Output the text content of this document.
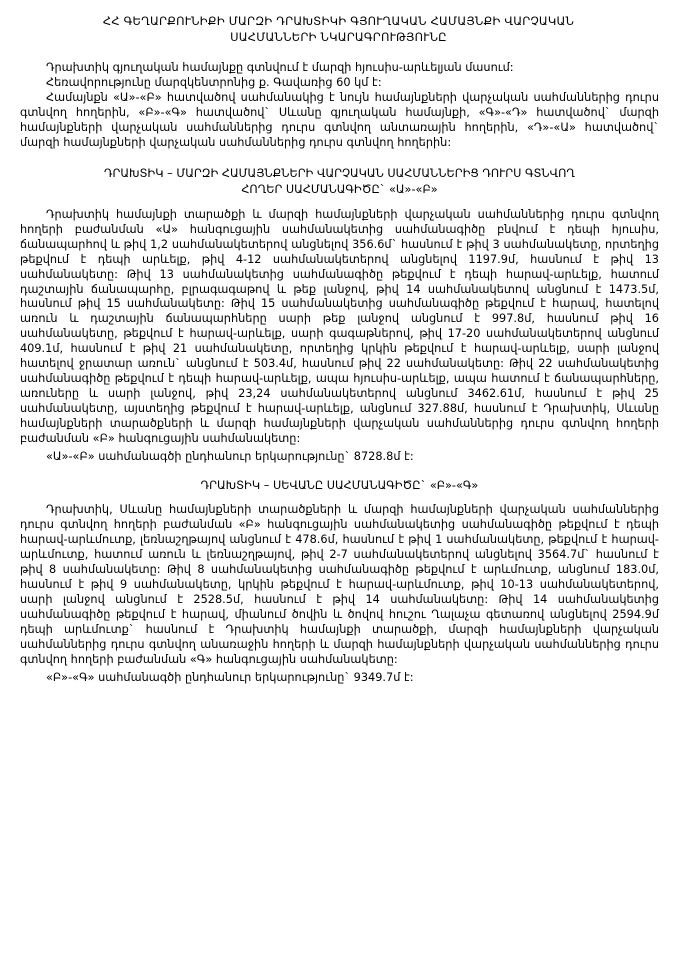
ՀՀ ԳԵՂԱՐՔՈՒՆԻՔԻ ՄԱՐԶԻ ԴՐԱԽՏԻԿԻ ԳՅՈՒՂԱԿԱՆ ՀԱՄԱՅՆՔԻ ՎԱՐՉԱԿԱՆ
ՍԱՀՄԱՆՆԵՐԻ ՆԿԱՐԱԳՐՈՒԹՅՈՒՆԸ

Դրախտիկ գյուղական համայնքը գտնվում է մարզի հյուսիս-արևելյան մասում:

Հեռավորությունը մարզկենտրոնից ք. Գավառից 60 կմ է:

Համայնքն «Ա»-«Բ» հատվածով սահմանակից է նույն համայնքների վարչական սահմաններից դուրս գտնվող հողերին, «Բ»-«Գ» հատվածով` Սևանը գյուղական համայնքի, «Գ»-«Դ» հատվածով` մարզի համայնքների վարչական սահմաններից դուրս գտնվող անտառային հողերին, «Դ»-«Ա» հատվածով` մարզի համայնքների վարչական սահմաններից դուրս գտնվող հողերին:

ԴՐԱԽՏԻԿ – ՄԱՐԶԻ ՀԱՄԱՅՆՔՆԵՐԻ ՎԱՐՉԱԿԱՆ ՍԱՀՄԱՆՆԵՐԻՑ ԴՈՒՐՍ ԳՏՆՎՈՂ
ՀՈՂԵՐ ՍԱՀՄԱՆԱԳԻԾԸ` «Ա»-«Բ»

Դրախտիկ համայնքի տարածքի և մարզի համայնքների վարչական սահմաններից դուրս գտնվող հողերի բաժանման «Ա» հանգուցային սահմանակետից սահմանագիծը բնվում է դեպի հյուսիս, ճանապարհով և թիվ 1,2 սահմանակետերով անցնելով 356.6մ` հասնում է թիվ 3 սահմանակետը, որտեղից թեքվում է դեպի արևելք, թիվ 4-12 սահմանակետերով անցնելով 1197.9մ, հասնում է թիվ 13 սահմանակետը: Թիվ 13 սահմանակետից սահմանագիծը թեքվում է դեպի հարավ-արևելք, հատում դաշտային ճանապարհը, բլրագագաթով և թեք լանջով, թիվ 14 սահմանակետով անցնում է 1473.5մ, հասնում թիվ 15 սահմանակետը: Թիվ 15 սահմանակետից սահմանագիծը թեքվում է հարավ, հատելով առուն և դաշտային ճանապարհները սարի թեք լանջով անցնում է 997.8մ, հասնում թիվ 16 սահմանակետը, թեքվում է հարավ-արևելք, սարի գագաթներով, թիվ 17-20 սահմանակետերով անցնում 409.1մ, հասնում է թիվ 21 սահմանակետը, որտեղից կրկին թեքվում է հարավ-արևելք, սարի լանջով հատելով ջրատար առուն` անցնում է 503.4մ, հասնում թիվ 22 սահմանակետը: Թիվ 22 սահմանակետից սահմանագիծը թեքվում է դեպի հարավ-արևելք, ապա հյուսիս-արևելք, ապա հատում է ճանապարհները, առուները և սարի լանջով, թիվ 23,24 սահմանակետերով անցնում 3462.61մ, հասնում է թիվ 25 սահմանակետը, այստեղից թեքվում է հարավ-արևելք, անցնում 327.88մ, հասնում է Դրախտիկ, Սևանը համայնքների տարածքների և մարզի համայնքների վարչական սահմաններից դուրս գտնվող հողերի բաժանման «Բ» հանգուցային սահմանակետը:

«Ա»-«Բ» սահմանագծի ընդհանուր երկարությունը` 8728.8մ է:

ԴՐԱԽՏԻԿ – ՍԵՎԱՆԸ ՍԱՀՄԱՆԱԳԻԾԸ` «Բ»-«Գ»

Դրախտիկ, Սևանը համայնքների տարածքների և մարզի համայնքների վարչական սահմաններից դուրս գտնվող հողերի բաժանման «Բ» հանգուցային սահմանակետից սահմանագիծը թեքվում է դեպի հարավ-արևմուտք, լեռնաշղթայով անցնում է 478.6մ, հասնում է թիվ 1 սահմանակետը, թեքվում է հարավ-արևմուտք, հատում առուն և լեռնաշղթայով, թիվ 2-7 սահմանակետերով անցնելով 3564.7մ` հասնում է թիվ 8 սահմանակետը: Թիվ 8 սահմանակետից սահմանագիծը թեքվում է արևմուտք, անցնում 183.0մ, հասնում է թիվ 9 սահմանակետը, կրկին թեքվում է հարավ-արևմուտք, թիվ 10-13 սահմանակետերով, սարի լանջով անցնում է 2528.5մ, հասնում է թիվ 14 սահմանակետը: Թիվ 14 սահմանակետից սահմանագիծը թեքվում է հարավ, միանում ծովին և ծովով հուշու Ղալաչա գետառով անցնելով 2594.9մ դեպի արևմուտք` հասնում է Դրախտիկ համայնքի տարածքի, մարզի համայնքների վարչական սահմաններից դուրս գտնվող անառաջին հողերի և մարզի համայնքների վարչական սահմաններից դուրս գտնվող հողերի բաժանման «Գ» հանգուցային սահմանակետը:

«Բ»-«Գ» սահմանագծի ընդհանուր երկարությունը` 9349.7մ է:
